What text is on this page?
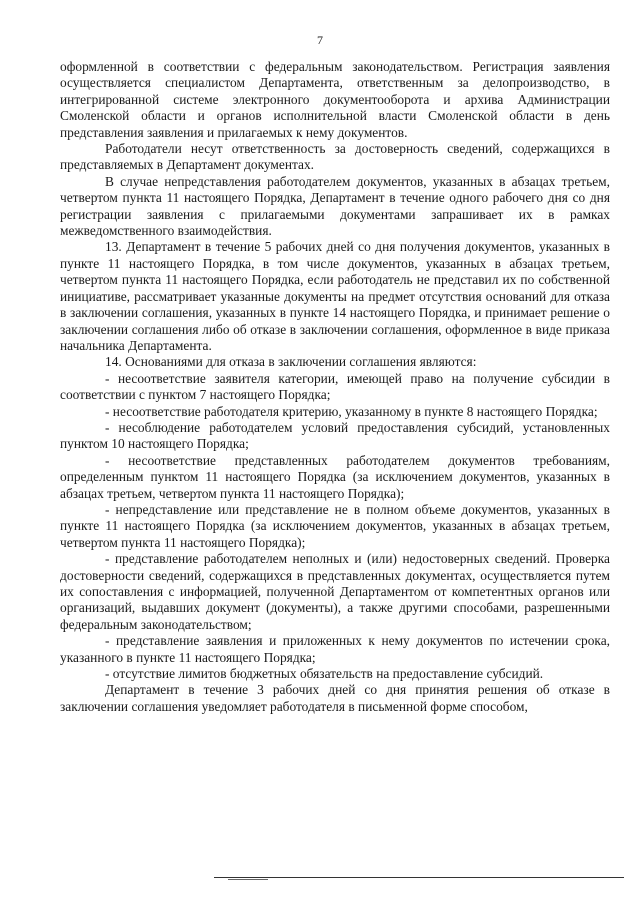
7

оформленной в соответствии с федеральным законодательством. Регистрация заявления осуществляется специалистом Департамента, ответственным за делопроизводство, в интегрированной системе электронного документооборота и архива Администрации Смоленской области и органов исполнительной власти Смоленской области в день представления заявления и прилагаемых к нему документов.

Работодатели несут ответственность за достоверность сведений, содержащихся в представляемых в Департамент документах.

В случае непредставления работодателем документов, указанных в абзацах третьем, четвертом пункта 11 настоящего Порядка, Департамент в течение одного рабочего дня со дня регистрации заявления с прилагаемыми документами запрашивает их в рамках межведомственного взаимодействия.

13. Департамент в течение 5 рабочих дней со дня получения документов, указанных в пункте 11 настоящего Порядка, в том числе документов, указанных в абзацах третьем, четвертом пункта 11 настоящего Порядка, если работодатель не представил их по собственной инициативе, рассматривает указанные документы на предмет отсутствия оснований для отказа в заключении соглашения, указанных в пункте 14 настоящего Порядка, и принимает решение о заключении соглашения либо об отказе в заключении соглашения, оформленное в виде приказа начальника Департамента.

14. Основаниями для отказа в заключении соглашения являются:

- несоответствие заявителя категории, имеющей право на получение субсидии в соответствии с пунктом 7 настоящего Порядка;

- несоответствие работодателя критерию, указанному в пункте 8 настоящего Порядка;

- несоблюдение работодателем условий предоставления субсидий, установленных пунктом 10 настоящего Порядка;

- несоответствие представленных работодателем документов требованиям, определенным пунктом 11 настоящего Порядка (за исключением документов, указанных в абзацах третьем, четвертом пункта 11 настоящего Порядка);

- непредставление или представление не в полном объеме документов, указанных в пункте 11 настоящего Порядка (за исключением документов, указанных в абзацах третьем, четвертом пункта 11 настоящего Порядка);

- представление работодателем неполных и (или) недостоверных сведений. Проверка достоверности сведений, содержащихся в представленных документах, осуществляется путем их сопоставления с информацией, полученной Департаментом от компетентных органов или организаций, выдавших документ (документы), а также другими способами, разрешенными федеральным законодательством;

- представление заявления и приложенных к нему документов по истечении срока, указанного в пункте 11 настоящего Порядка;

- отсутствие лимитов бюджетных обязательств на предоставление субсидий.

Департамент в течение 3 рабочих дней со дня принятия решения об отказе в заключении соглашения уведомляет работодателя в письменной форме способом,
